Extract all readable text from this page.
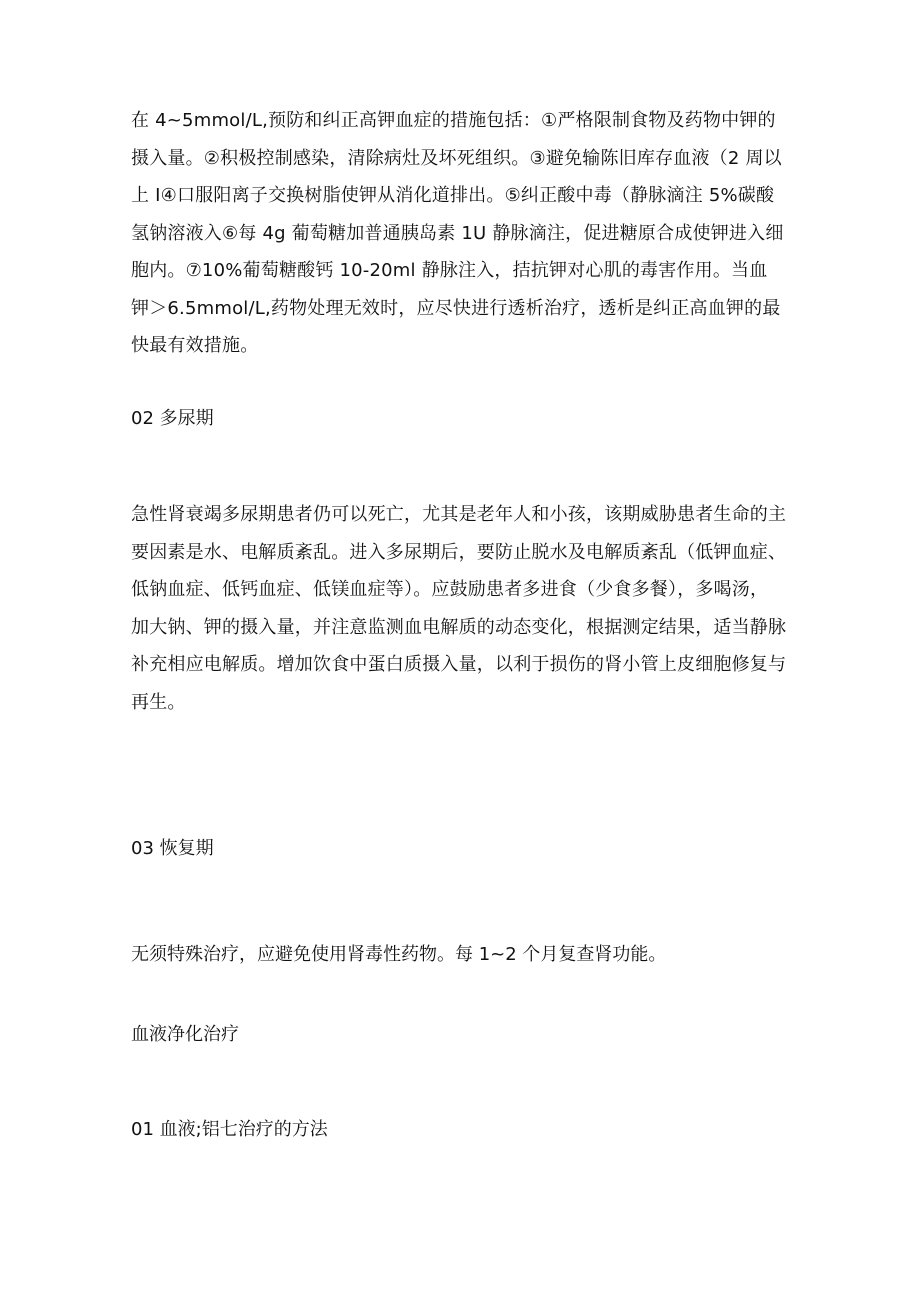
在 4~5mmol/L,预防和纠正高钾血症的措施包括：①严格限制食物及药物中钾的
摄入量。②积极控制感染，清除病灶及坏死组织。③避免输陈旧库存血液（2 周以
上 I④口服阳离子交换树脂使钾从消化道排出。⑤纠正酸中毒（静脉滴注 5%碳酸
氢钠溶液入⑥每 4g 葡萄糖加普通胰岛素 1U 静脉滴注，促进糖原合成使钾进入细
胞内。⑦10%葡萄糖酸钙 10-20ml 静脉注入，拮抗钾对心肌的毒害作用。当血
钾＞6.5mmol/L,药物处理无效时，应尽快进行透析治疗，透析是纠正高血钾的最
快最有效措施。
02 多尿期
急性肾衰竭多尿期患者仍可以死亡，尤其是老年人和小孩，该期威胁患者生命的主
要因素是水、电解质紊乱。进入多尿期后，要防止脱水及电解质紊乱（低钾血症、
低钠血症、低钙血症、低镁血症等）。应鼓励患者多进食（少食多餐），多喝汤，
加大钠、钾的摄入量，并注意监测血电解质的动态变化，根据测定结果，适当静脉
补充相应电解质。增加饮食中蛋白质摄入量，以利于损伤的肾小管上皮细胞修复与
再生。
03 恢复期

无须特殊治疗，应避免使用肾毒性药物。每 1~2 个月复查肾功能。

血液净化治疗
01 血液;铝七治疗的方法
